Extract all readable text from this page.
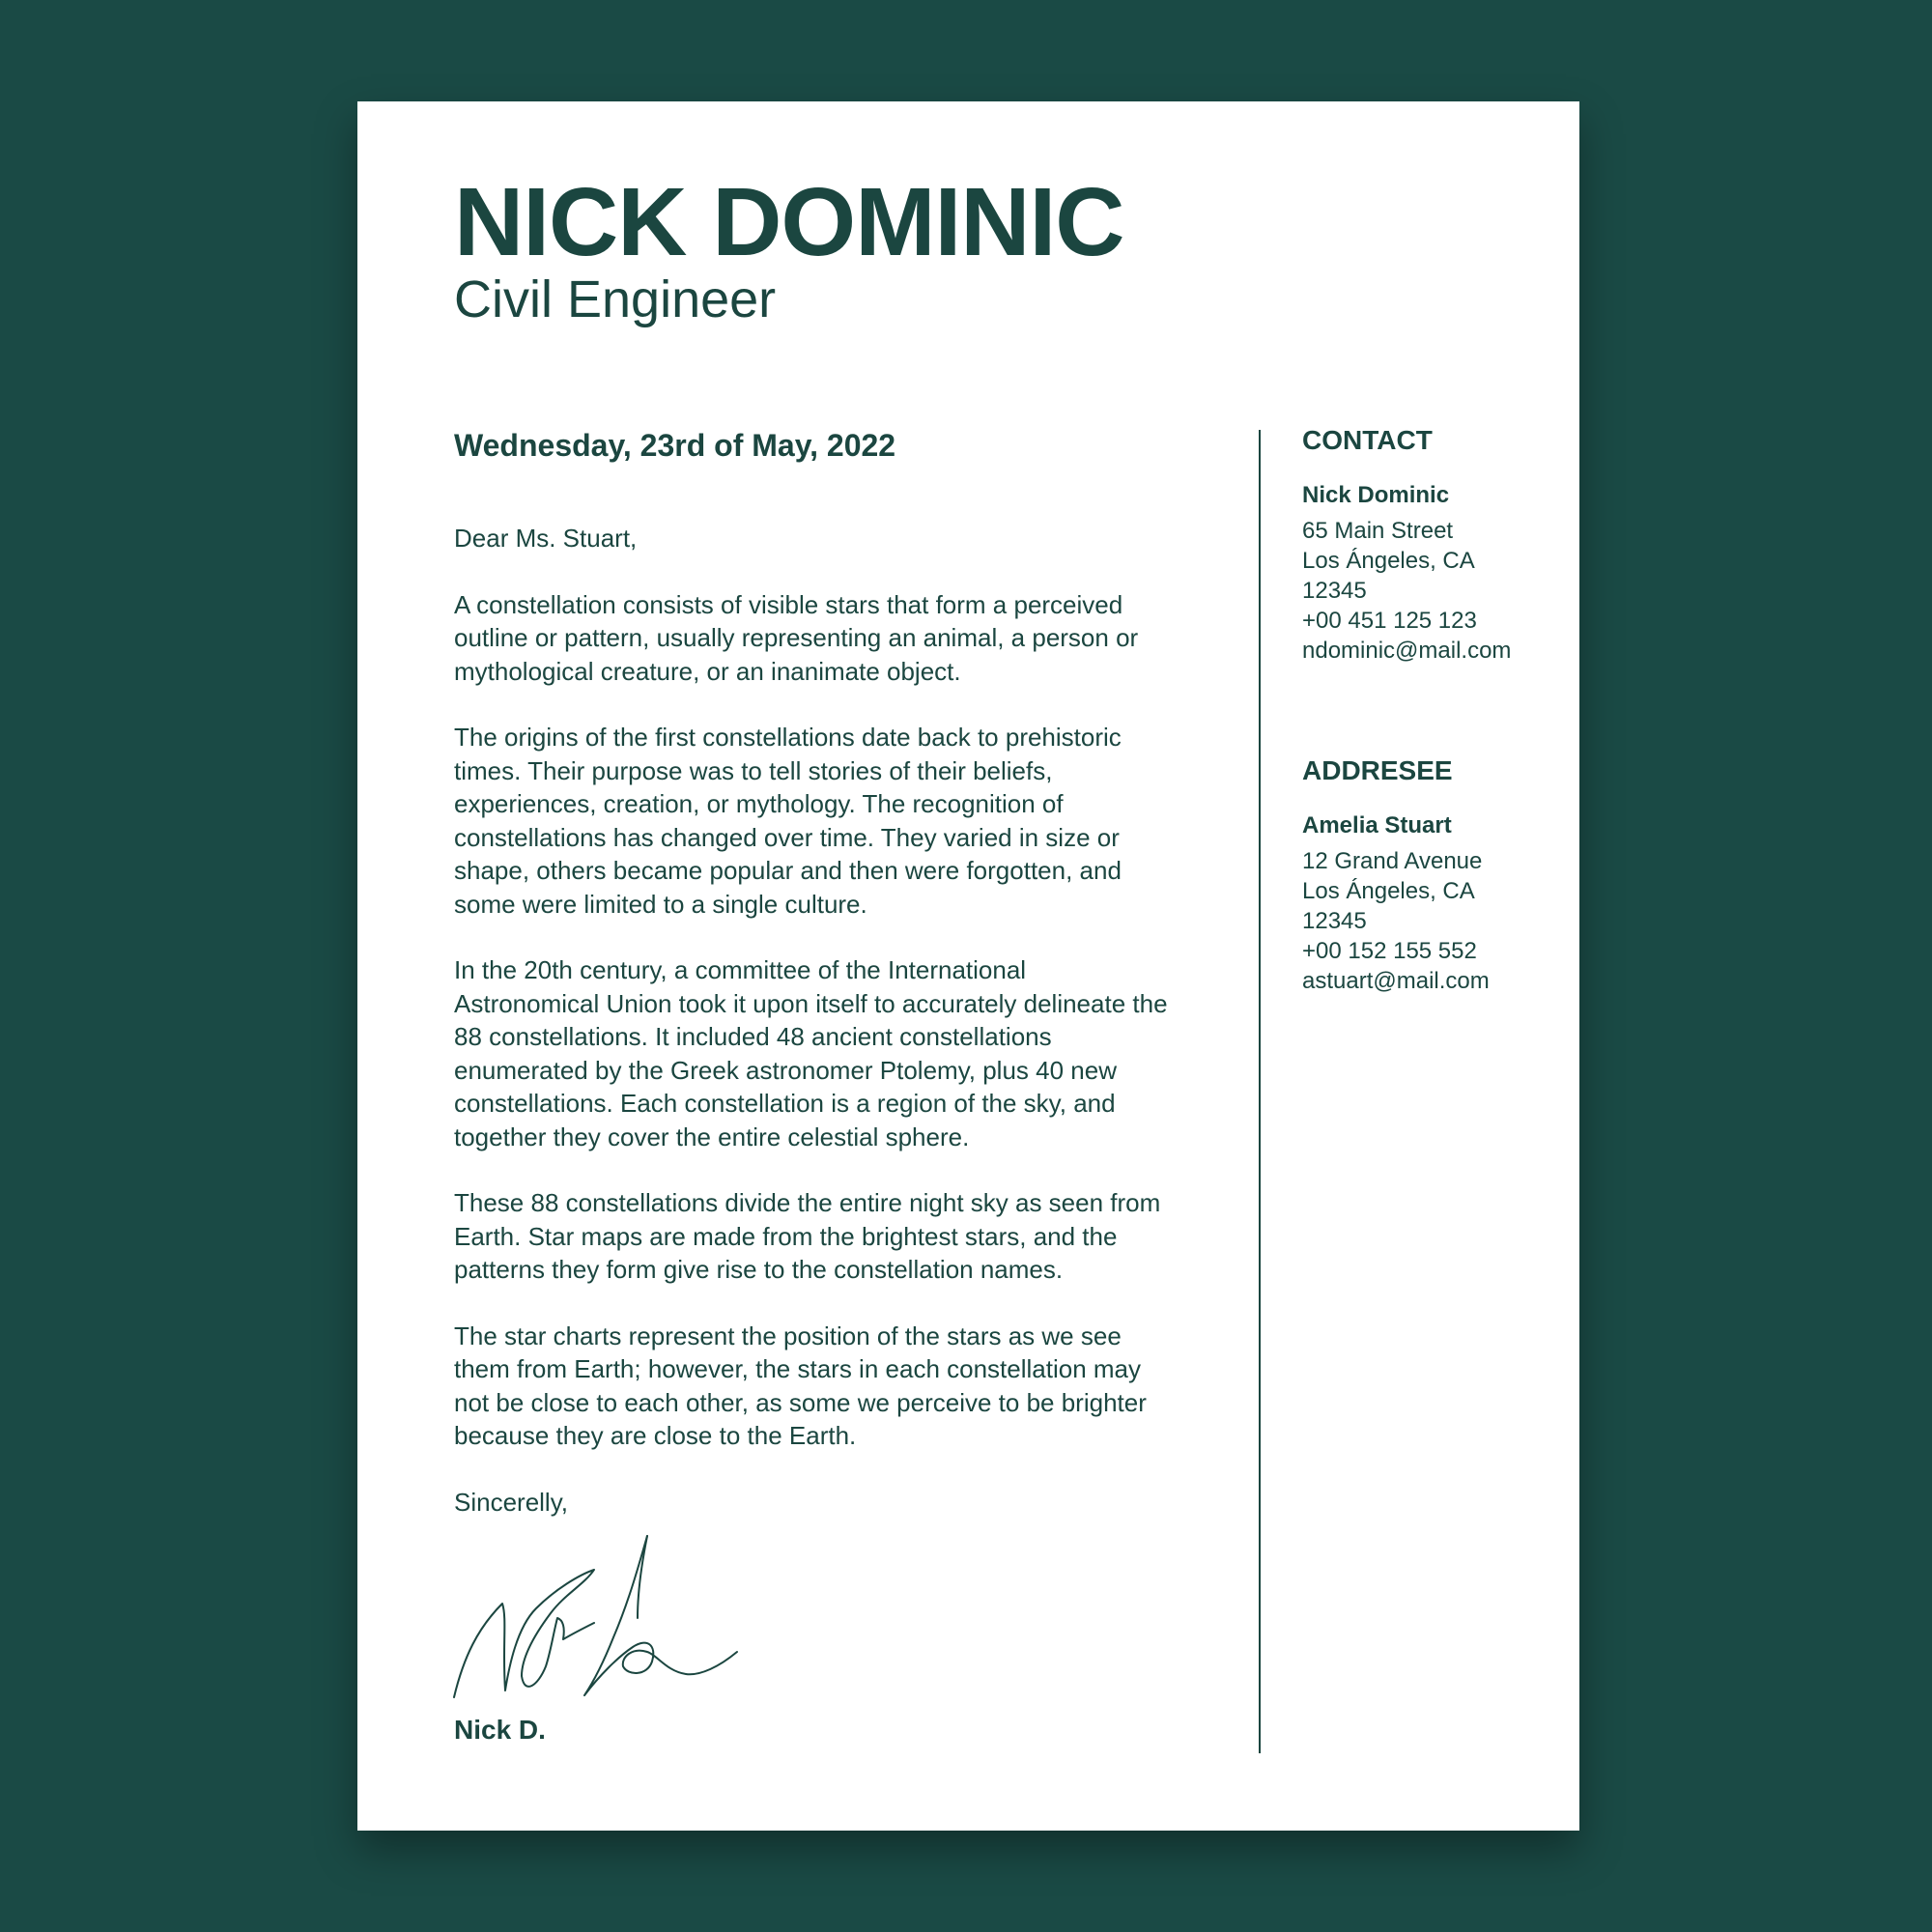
NICK DOMINIC
Civil Engineer
Wednesday, 23rd of May, 2022

Dear Ms. Stuart,

A constellation consists of visible stars that form a perceived outline or pattern, usually representing an animal, a person or mythological creature, or an inanimate object.

The origins of the first constellations date back to prehistoric times. Their purpose was to tell stories of their beliefs, experiences, creation, or mythology. The recognition of constellations has changed over time. They varied in size or shape, others became popular and then were forgotten, and some were limited to a single culture.

In the 20th century, a committee of the International Astronomical Union took it upon itself to accurately delineate the 88 constellations. It included 48 ancient constellations enumerated by the Greek astronomer Ptolemy, plus 40 new constellations. Each constellation is a region of the sky, and together they cover the entire celestial sphere.

These 88 constellations divide the entire night sky as seen from Earth. Star maps are made from the brightest stars, and the patterns they form give rise to the constellation names.

The star charts represent the position of the stars as we see them from Earth; however, the stars in each constellation may not be close to each other, as some we perceive to be brighter because they are close to the Earth.

Sincerelly,

Nick D.
CONTACT
Nick Dominic
65 Main Street
Los Ángeles, CA
12345
+00 451 125 123
ndominic@mail.com
ADDRESEE
Amelia Stuart
12 Grand Avenue
Los Ángeles, CA
12345
+00 152 155 552
astuart@mail.com
